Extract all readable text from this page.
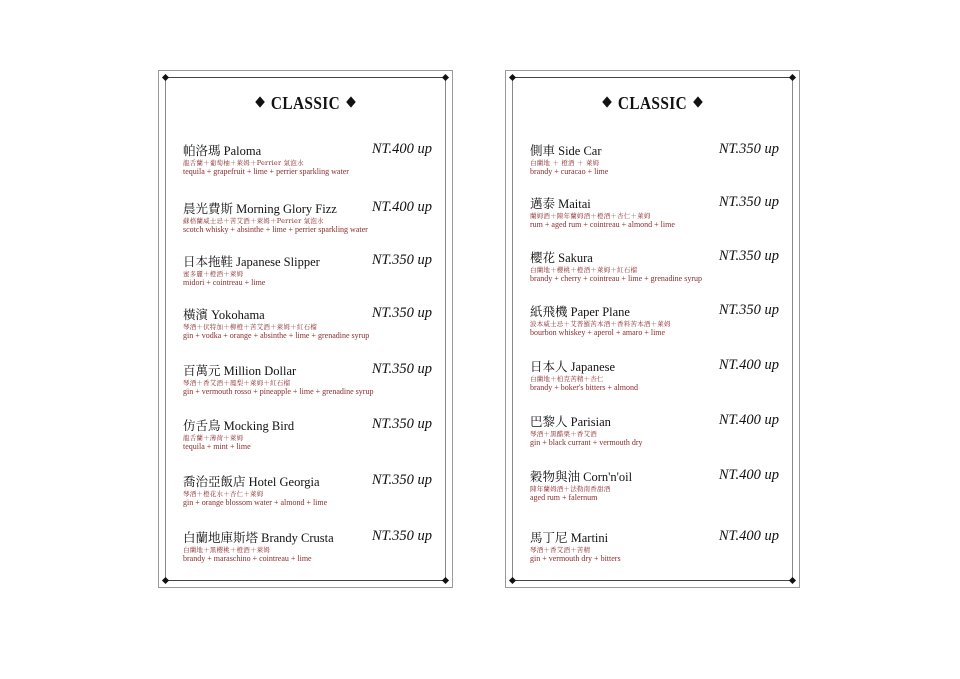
CLASSIC
帕洛瑪 Paloma	NT.400 up
龍舌蘭＋葡萄柚＋萊姆＋Perrier 氣泡水
tequila + grapefruit + lime + perrier sparkling water
晨光費斯 Morning Glory Fizz NT.400 up
蘇格蘭威士忌＋苦艾酒＋萊姆＋Perrier 氣泡水
scotch whisky + absinthe + lime + perrier sparkling water
日本拖鞋 Japanese Slipper	NT.350 up
蜜多麗＋橙酒＋萊姆
midori + cointreau + lime
橫濱 Yokohama	NT.350 up
琴酒＋伏特加＋柳橙＋苦艾酒＋萊姆＋紅石榴
gin + vodka + orange + absinthe + lime + grenadine syrup
百萬元 Million Dollar	NT.350 up
琴酒＋香艾酒＋鳳梨＋萊姆＋紅石榴
gin + vermouth rosso + pineapple + lime + grenadine syrup
仿舌鳥 Mocking Bird	NT.350 up
龍舌蘭＋薄荷＋萊姆
tequila + mint + lime
喬治亞飯店 Hotel Georgia	NT.350 up
琴酒＋橙花水＋杏仁＋萊姆
gin + orange blossom water + almond + lime
白蘭地庫斯塔 Brandy Crusta	NT.350 up
白蘭地＋黑櫻桃＋橙酒＋萊姆
brandy + maraschino + cointreau + lime
CLASSIC
側車 Side Car	NT.350 up
白蘭地 ＋ 橙酒 ＋ 萊姆
brandy + curacao + lime
邁泰 Maitai	NT.350 up
蘭姆酒＋陳年蘭姆酒＋橙酒＋杏仁＋萊姆
rum + aged rum + cointreau + almond + lime
櫻花 Sakura	NT.350 up
白蘭地＋櫻桃＋橙酒＋萊姆＋紅石榴
brandy + cherry + cointreau + lime + grenadine syrup
紙飛機 Paper Plane	NT.350 up
波本威士忌＋艾普羅苦本酒＋香料苦本酒＋萊姆
bourbon whiskey + aperol + amaro + lime
日本人 Japanese	NT.400 up
白蘭地＋柏克苦精＋杏仁
brandy + boker's bitters + almond
巴黎人 Parisian	NT.400 up
琴酒＋黑醋栗＋香艾酒
gin + black currant + vermouth dry
穀物與油 Corn'n'oil	NT.400 up
陳年蘭姆酒＋法勒南香甜酒
aged rum + falernum
馬丁尼 Martini	NT.400 up
琴酒＋香艾酒＋苦精
gin + vermouth dry + bitters
